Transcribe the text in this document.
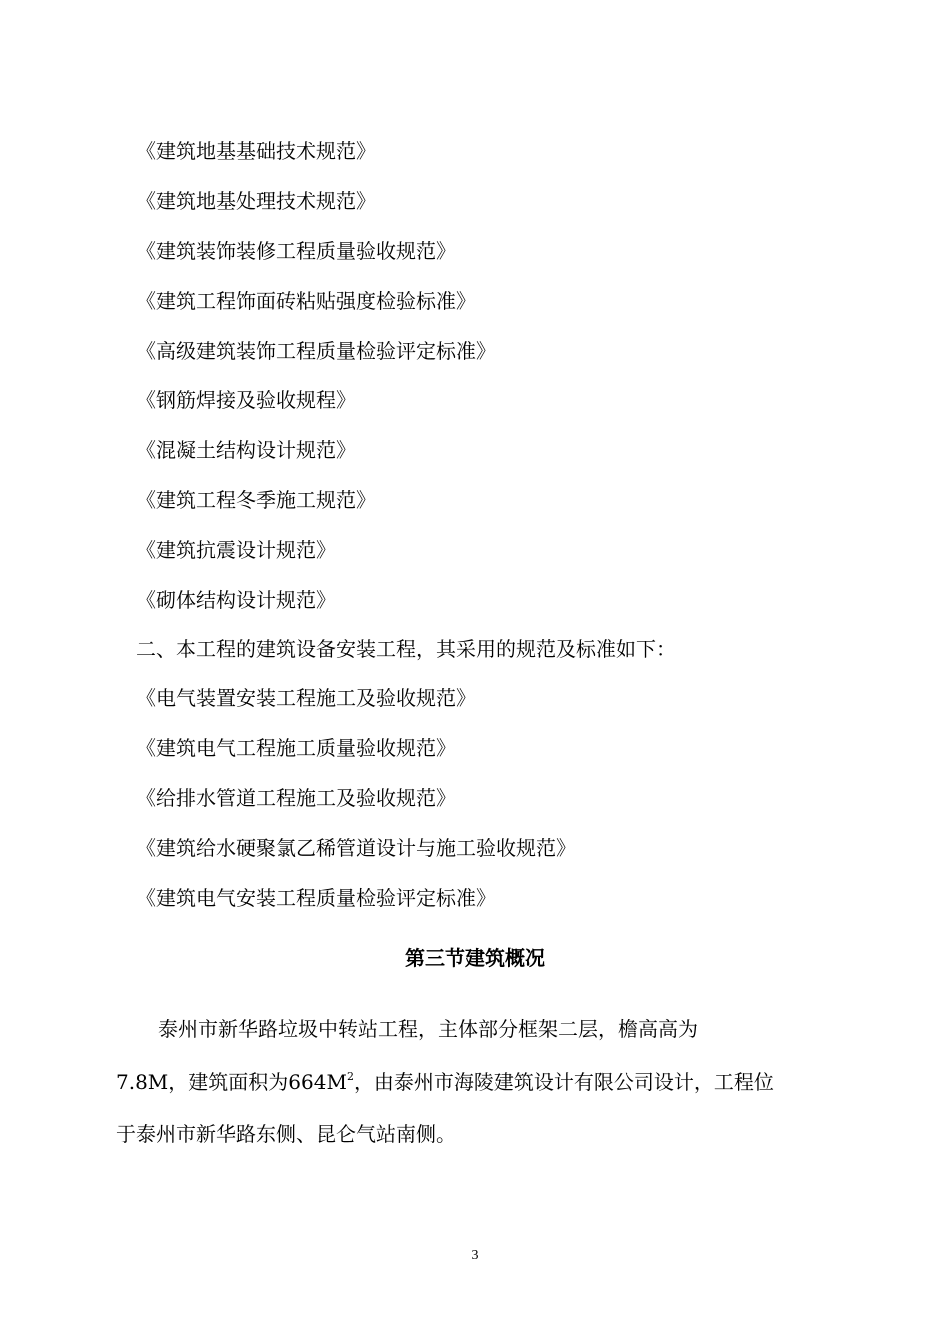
《建筑地基基础技术规范》
《建筑地基处理技术规范》
《建筑装饰装修工程质量验收规范》
《建筑工程饰面砖粘贴强度检验标准》
《高级建筑装饰工程质量检验评定标准》
《钢筋焊接及验收规程》
《混凝土结构设计规范》
《建筑工程冬季施工规范》
《建筑抗震设计规范》
《砌体结构设计规范》
二、本工程的建筑设备安装工程，其采用的规范及标准如下：
《电气装置安装工程施工及验收规范》
《建筑电气工程施工质量验收规范》
《给排水管道工程施工及验收规范》
《建筑给水硬聚氯乙稀管道设计与施工验收规范》
《建筑电气安装工程质量检验评定标准》
第三节建筑概况
泰州市新华路垃圾中转站工程，主体部分框架二层，檐高高为
7.8M，建筑面积为$664M^2$，由泰州市海陵建筑设计有限公司设计，工程位
于泰州市新华路东侧、昆仑气站南侧。
3
